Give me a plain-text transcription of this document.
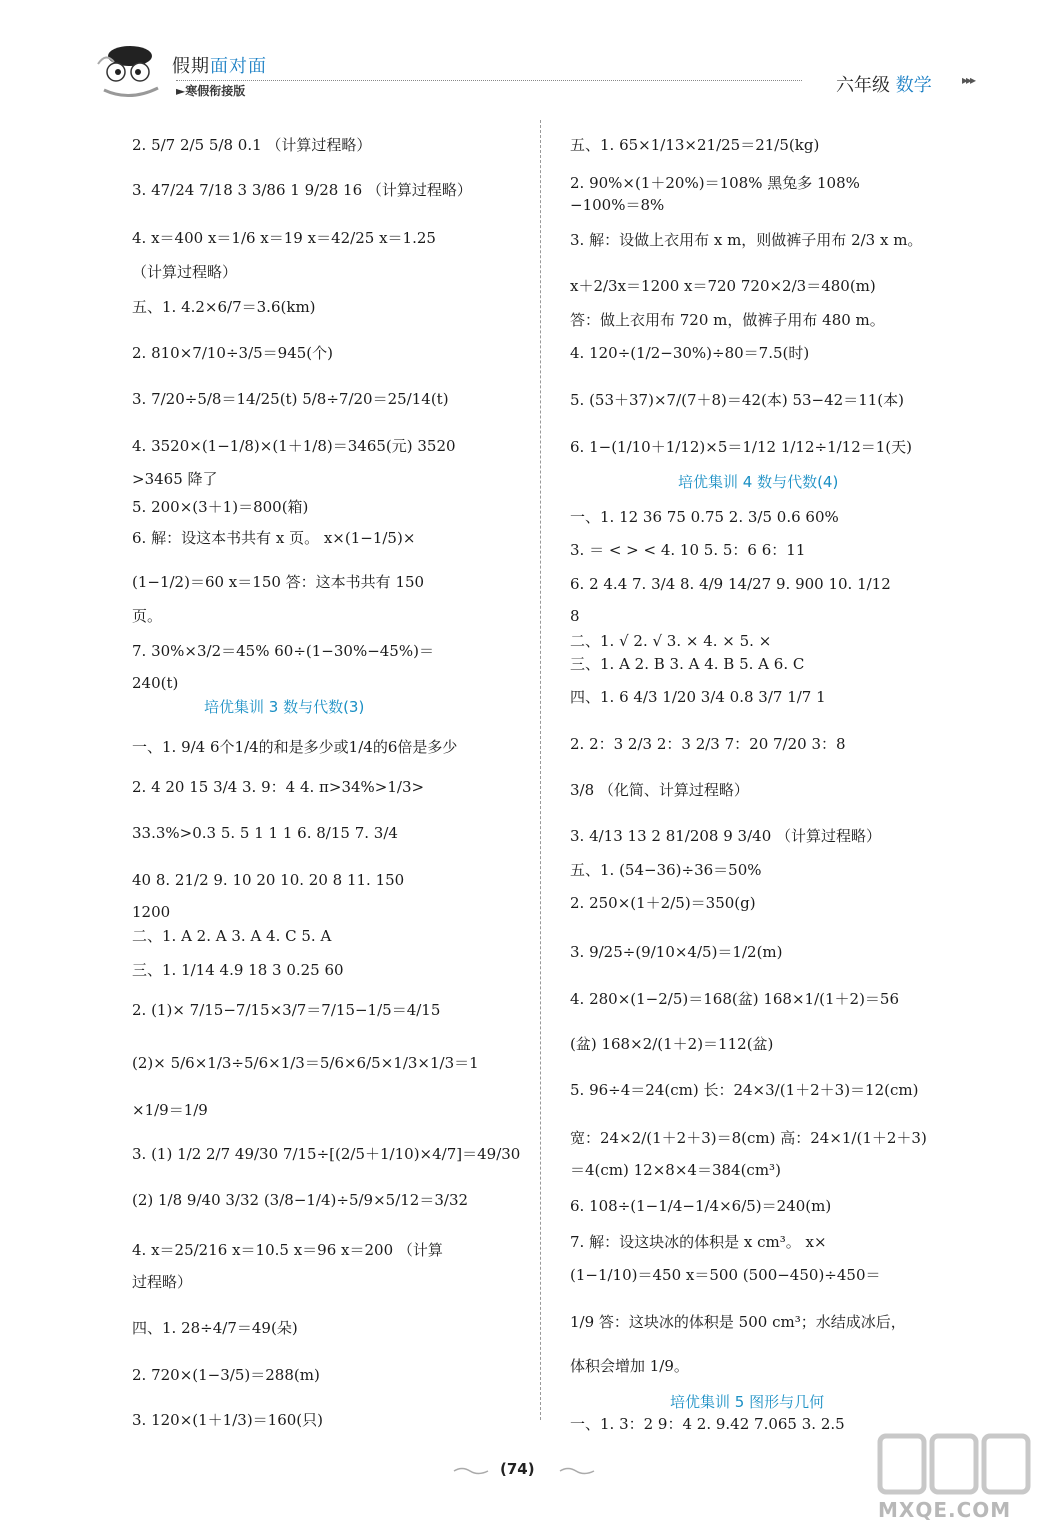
假期面对面
►寒假衔接版	六年级 数学	▸▸▸
2. 5/7 2/5 5/8 0.1 （计算过程略）
3. 47/24 7/18 3 3/86 1 9/28 16 （计算过程略）
4. x＝400 x＝1/6 x＝19 x＝42/25 x＝1.25
（计算过程略）
五、1. 4.2×6/7＝3.6(km)
2. 810×7/10÷3/5＝945(个)
3. 7/20÷5/8＝14/25(t) 5/8÷7/20＝25/14(t)
4. 3520×(1−1/8)×(1＋1/8)＝3465(元) 3520
>3465 降了
5. 200×(3＋1)＝800(箱)
6. 解：设这本书共有 x 页。 x×(1−1/5)×
(1−1/2)＝60 x＝150 答：这本书共有 150
页。
7. 30%×3/2＝45% 60÷(1−30%−45%)＝
240(t)
一、1. 9/4 6个1/4的和是多少或1/4的6倍是多少
2. 4 20 15 3/4 3. 9：4 4. π>34%>1/3>
33.3%>0.3 5. 5 1 1 1 6. 8/15 7. 3/4
40 8. 21/2 9. 10 20 10. 20 8 11. 150
1200
二、1. A 2. A 3. A 4. C 5. A
三、1. 1/14 4.9 18 3 0.25 60
2. (1)× 7/15−7/15×3/7＝7/15−1/5＝4/15
(2)× 5/6×1/3÷5/6×1/3＝5/6×6/5×1/3×1/3＝1
×1/9＝1/9
3. (1) 1/2 2/7 49/30 7/15÷[(2/5＋1/10)×4/7]＝49/30
(2) 1/8 9/40 3/32 (3/8−1/4)÷5/9×5/12＝3/32
4. x＝25/216 x＝10.5 x＝96 x＝200 （计算
过程略）
四、1. 28÷4/7＝49(朵)
2. 720×(1−3/5)＝288(m)
3. 120×(1＋1/3)＝160(只)
五、1. 65×1/13×21/25＝21/5(kg)
2. 90%×(1＋20%)＝108% 黑兔多 108%
−100%＝8%
3. 解：设做上衣用布 x m，则做裤子用布 2/3 x m。
x＋2/3x＝1200 x＝720 720×2/3＝480(m)
答：做上衣用布 720 m，做裤子用布 480 m。
4. 120÷(1/2−30%)÷80＝7.5(时)
5. (53＋37)×7/(7＋8)＝42(本) 53−42＝11(本)
6. 1−(1/10＋1/12)×5＝1/12 1/12÷1/12＝1(天)
一、1. 12 36 75 0.75 2. 3/5 0.6 60%
3. ＝ < > < 4. 10 5. 5：6 6：11
6. 2 4.4 7. 3/4 8. 4/9 14/27 9. 900 10. 1/12
8
二、1. √ 2. √ 3. × 4. × 5. ×
三、1. A 2. B 3. A 4. B 5. A 6. C
四、1. 6 4/3 1/20 3/4 0.8 3/7 1/7 1
2. 2：3 2/3 2：3 2/3 7：20 7/20 3：8
3/8 （化简、计算过程略）
3. 4/13 13 2 81/208 9 3/40 （计算过程略）
五、1. (54−36)÷36＝50%
2. 250×(1＋2/5)＝350(g)
3. 9/25÷(9/10×4/5)＝1/2(m)
4. 280×(1−2/5)＝168(盆) 168×1/(1＋2)＝56
(盆) 168×2/(1＋2)＝112(盆)
5. 96÷4＝24(cm) 长：24×3/(1＋2＋3)＝12(cm)
宽：24×2/(1＋2＋3)＝8(cm) 高：24×1/(1＋2＋3)
＝4(cm) 12×8×4＝384(cm³)
6. 108÷(1−1/4−1/4×6/5)＝240(m)
7. 解：设这块冰的体积是 x cm³。 x×
(1−1/10)＝450 x＝500 (500−450)÷450＝
1/9 答：这块冰的体积是 500 cm³；水结成冰后，
体积会增加 1/9。
一、1. 3：2 9：4 2. 9.42 7.065 3. 2.5
培优集训 3 数与代数(3)
培优集训 4 数与代数(4)
培优集训 5 图形与几何
(74)
MXQE.COM
